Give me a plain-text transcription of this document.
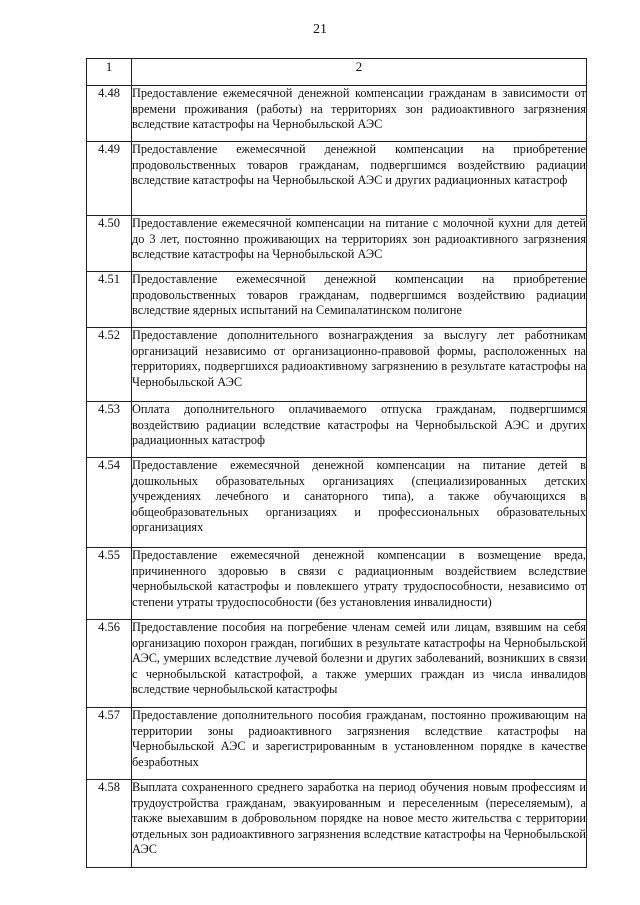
21
1	2
4.48	Предоставление ежемесячной денежной компенсации гражданам в зависимости от времени проживания (работы) на территориях зон радиоактивного загрязнения вследствие катастрофы на Чернобыльской АЭС
4.49	Предоставление ежемесячной денежной компенсации на приобретение продовольственных товаров гражданам, подвергшимся воздействию радиации вследствие катастрофы на Чернобыльской АЭС и других радиационных катастроф
4.50	Предоставление ежемесячной компенсации на питание с молочной кухни для детей до 3 лет, постоянно проживающих на территориях зон радиоактивного загрязнения вследствие катастрофы на Чернобыльской АЭС
4.51	Предоставление ежемесячной денежной компенсации на приобретение продовольственных товаров гражданам, подвергшимся воздействию радиации вследствие ядерных испытаний на Семипалатинском полигоне
4.52	Предоставление дополнительного вознаграждения за выслугу лет работникам организаций независимо от организационно-правовой формы, расположенных на территориях, подвергшихся радиоактивному загрязнению в результате катастрофы на Чернобыльской АЭС
4.53	Оплата дополнительного оплачиваемого отпуска гражданам, подвергшимся воздействию радиации вследствие катастрофы на Чернобыльской АЭС и других радиационных катастроф
4.54	Предоставление ежемесячной денежной компенсации на питание детей в дошкольных образовательных организациях (специализированных детских учреждениях лечебного и санаторного типа), а также обучающихся в общеобразовательных организациях и профессиональных образовательных организациях
4.55	Предоставление ежемесячной денежной компенсации в возмещение вреда, причиненного здоровью в связи с радиационным воздействием вследствие чернобыльской катастрофы и повлекшего утрату трудоспособности, независимо от степени утраты трудоспособности (без установления инвалидности)
4.56	Предоставление пособия на погребение членам семей или лицам, взявшим на себя организацию похорон граждан, погибших в результате катастрофы на Чернобыльской АЭС, умерших вследствие лучевой болезни и других заболеваний, возникших в связи с чернобыльской катастрофой, а также умерших граждан из числа инвалидов вследствие чернобыльской катастрофы
4.57	Предоставление дополнительного пособия гражданам, постоянно проживающим на территории зоны радиоактивного загрязнения вследствие катастрофы на Чернобыльской АЭС и зарегистрированным в установленном порядке в качестве безработных
4.58	Выплата сохраненного среднего заработка на период обучения новым профессиям и трудоустройства гражданам, эвакуированным и переселенным (переселяемым), а также выехавшим в добровольном порядке на новое место жительства с территории отдельных зон радиоактивного загрязнения вследствие катастрофы на Чернобыльской АЭС
